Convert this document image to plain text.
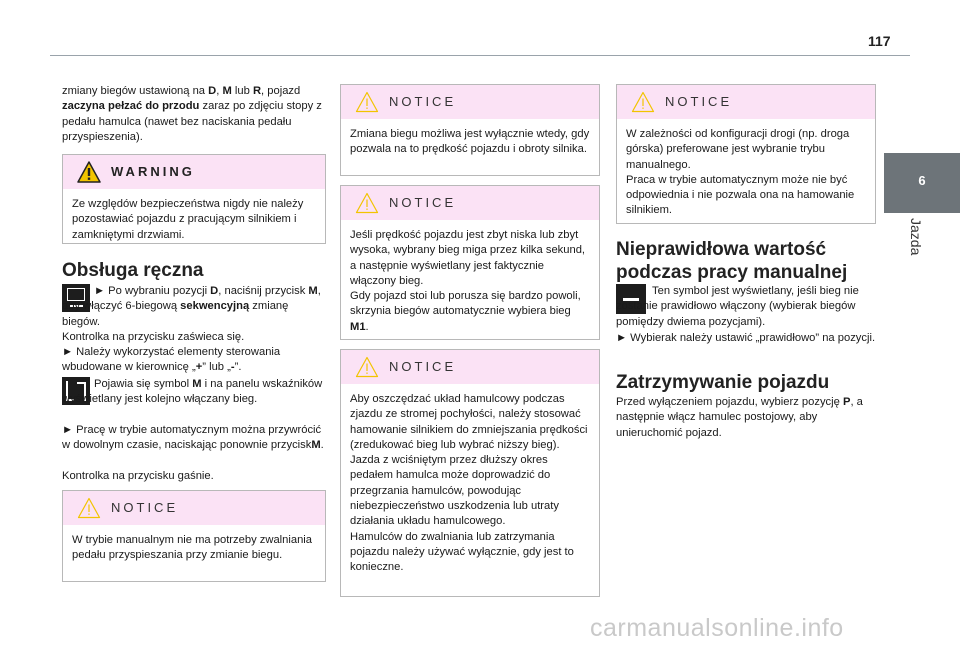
117
6
Jazda

zmiany biegów ustawioną na D, M lub R, pojazd zaczyna pełzać do przodu zaraz po zdjęciu stopy z pedału hamulca (nawet bez naciskania pedału przyspieszenia).

WARNING
Ze względów bezpieczeństwa nigdy nie należy pozostawiać pojazdu z pracującym silnikiem i zamkniętymi drzwiami.
Obsługa ręczna

► Po wybraniu pozycji D, naciśnij przycisk M, aby włączyć 6-biegową sekwencyjną zmianę biegów.

Kontrolka na przycisku zaświeca się.

► Należy wykorzystać elementy sterowania wbudowane w kierownicę „+” lub „-”.

Pojawia się symbol M i na panelu wskaźników wyświetlany jest kolejno włączany bieg.

► Pracę w trybie automatycznym można przywrócić w dowolnym czasie, naciskając ponownie przyciskM.

Kontrolka na przycisku gaśnie.

NOTICE
W trybie manualnym nie ma potrzeby zwalniania pedału przyspieszania przy zmianie biegu.
NOTICE
Zmiana biegu możliwa jest wyłącznie wtedy, gdy pozwala na to prędkość pojazdu i obroty silnika.
NOTICE
Jeśli prędkość pojazdu jest zbyt niska lub zbyt wysoka, wybrany bieg miga przez kilka sekund, a następnie wyświetlany jest faktycznie włączony bieg.
Gdy pojazd stoi lub porusza się bardzo powoli, skrzynia biegów automatycznie wybiera bieg M1.
NOTICE
Aby oszczędzać układ hamulcowy podczas zjazdu ze stromej pochyłości, należy stosować hamowanie silnikiem do zmniejszania prędkości (zredukować bieg lub wybrać niższy bieg).
Jazda z wciśniętym przez dłuższy okres pedałem hamulca może doprowadzić do przegrzania hamulców, powodując niebezpieczeństwo uszkodzenia lub utraty działania układu hamulcowego.
Hamulców do zwalniania lub zatrzymania pojazdu należy używać wyłącznie, gdy jest to konieczne.
NOTICE
W zależności od konfiguracji drogi (np. droga górska) preferowane jest wybranie trybu manualnego.
Praca w trybie automatycznym może nie być odpowiednia i nie pozwala ona na hamowanie silnikiem.
Nieprawidłowa wartość
podczas pracy manualnej

Ten symbol jest wyświetlany, jeśli bieg nie zostanie prawidłowo włączony (wybierak biegów pomiędzy dwiema pozycjami).

► Wybierak należy ustawić „prawidłowo” na pozycji.

Zatrzymywanie pojazdu

Przed wyłączeniem pojazdu, wybierz pozycję P, a następnie włącz hamulec postojowy, aby unieruchomić pojazd.

carmanualsonline.info
